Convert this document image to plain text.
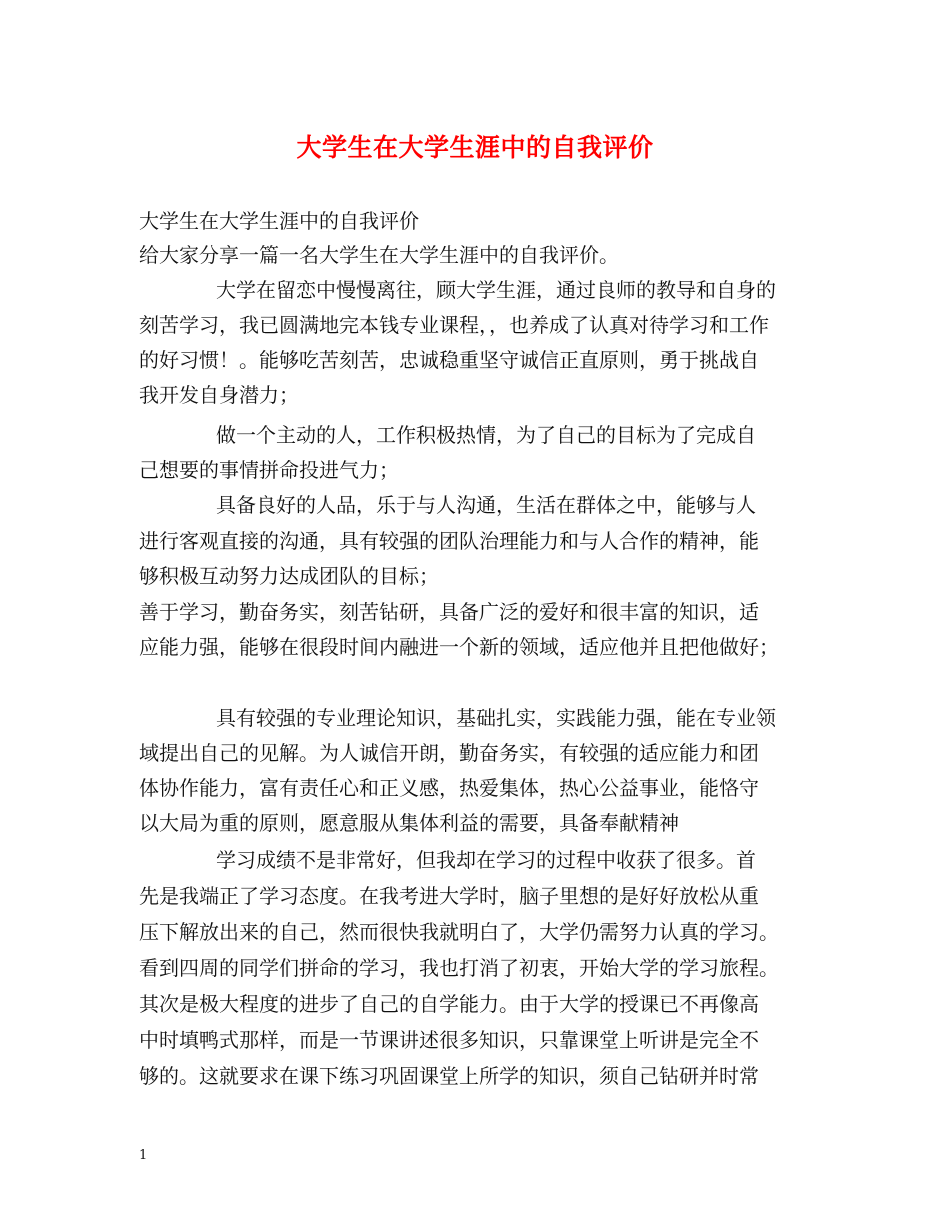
大学生在大学生涯中的自我评价
大学生在大学生涯中的自我评价
给大家分享一篇一名大学生在大学生涯中的自我评价。
大学在留恋中慢慢离往，顾大学生涯，通过良师的教导和自身的
刻苦学习，我已圆满地完本钱专业课程，，也养成了认真对待学习和工作
的好习惯！。能够吃苦刻苦，忠诚稳重坚守诚信正直原则，勇于挑战自
我开发自身潜力；
做一个主动的人，工作积极热情，为了自己的目标为了完成自
己想要的事情拼命投进气力；
具备良好的人品，乐于与人沟通，生活在群体之中，能够与人
进行客观直接的沟通，具有较强的团队治理能力和与人合作的精神，能
够积极互动努力达成团队的目标；
善于学习，勤奋务实，刻苦钻研，具备广泛的爱好和很丰富的知识，适
应能力强，能够在很段时间内融进一个新的领域，适应他并且把他做好；
具有较强的专业理论知识，基础扎实，实践能力强，能在专业领
域提出自己的见解。为人诚信开朗，勤奋务实，有较强的适应能力和团
体协作能力，富有责任心和正义感，热爱集体，热心公益事业，能恪守
以大局为重的原则，愿意服从集体利益的需要，具备奉献精神
学习成绩不是非常好，但我却在学习的过程中收获了很多。首
先是我端正了学习态度。在我考进大学时，脑子里想的是好好放松从重
压下解放出来的自己，然而很快我就明白了，大学仍需努力认真的学习。
看到四周的同学们拼命的学习，我也打消了初衷，开始大学的学习旅程。
其次是极大程度的进步了自己的自学能力。由于大学的授课已不再像高
中时填鸭式那样，而是一节课讲述很多知识，只靠课堂上听讲是完全不
够的。这就要求在课下练习巩固课堂上所学的知识，须自己钻研并时常
1
